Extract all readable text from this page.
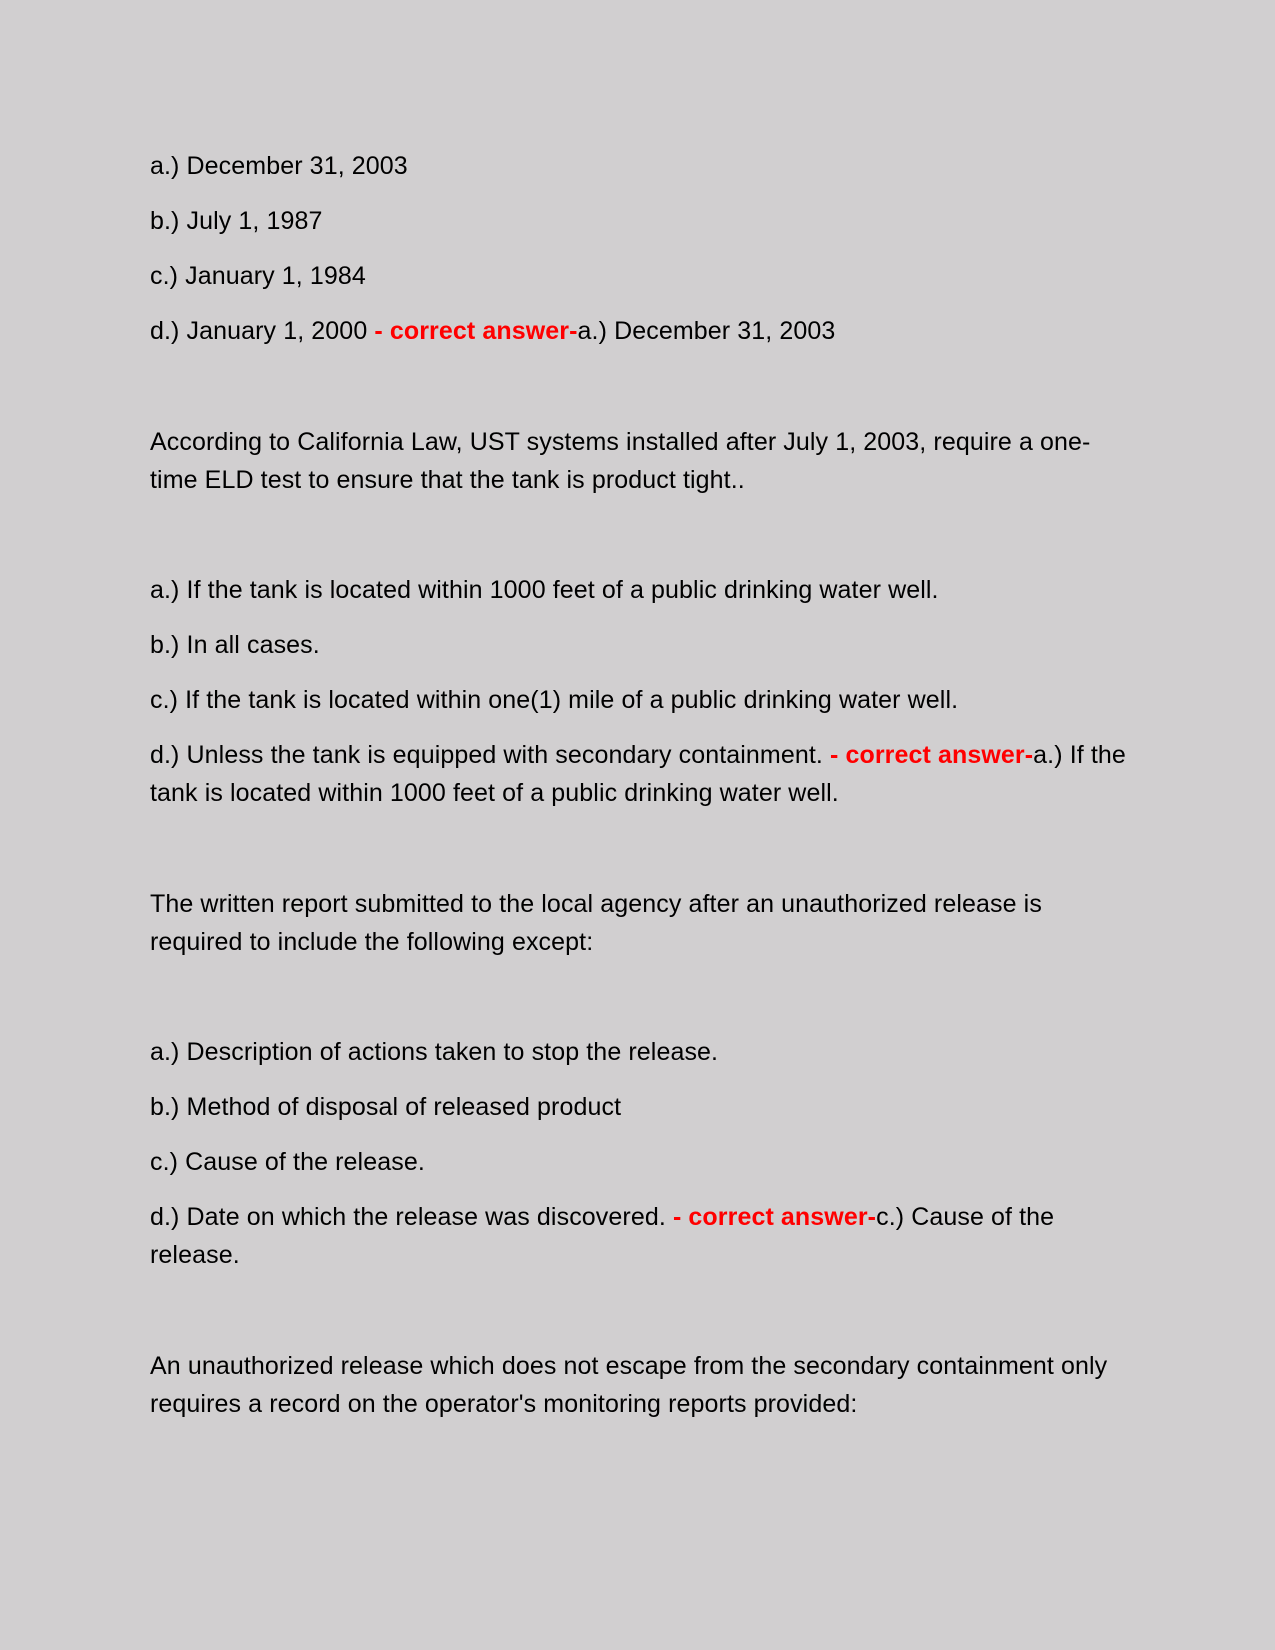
a.) December 31, 2003

b.) July 1, 1987

c.) January 1, 1984

d.) January 1, 2000 - correct answer-a.) December 31, 2003

According to California Law, UST systems installed after July 1, 2003, require a one-time ELD test to ensure that the tank is product tight..

a.) If the tank is located within 1000 feet of a public drinking water well.

b.) In all cases.

c.) If the tank is located within one(1) mile of a public drinking water well.

d.) Unless the tank is equipped with secondary containment. - correct answer-a.) If the tank is located within 1000 feet of a public drinking water well.

The written report submitted to the local agency after an unauthorized release is required to include the following except:

a.) Description of actions taken to stop the release.

b.) Method of disposal of released product

c.) Cause of the release.

d.) Date on which the release was discovered. - correct answer-c.) Cause of the release.

An unauthorized release which does not escape from the secondary containment only requires a record on the operator's monitoring reports provided:
